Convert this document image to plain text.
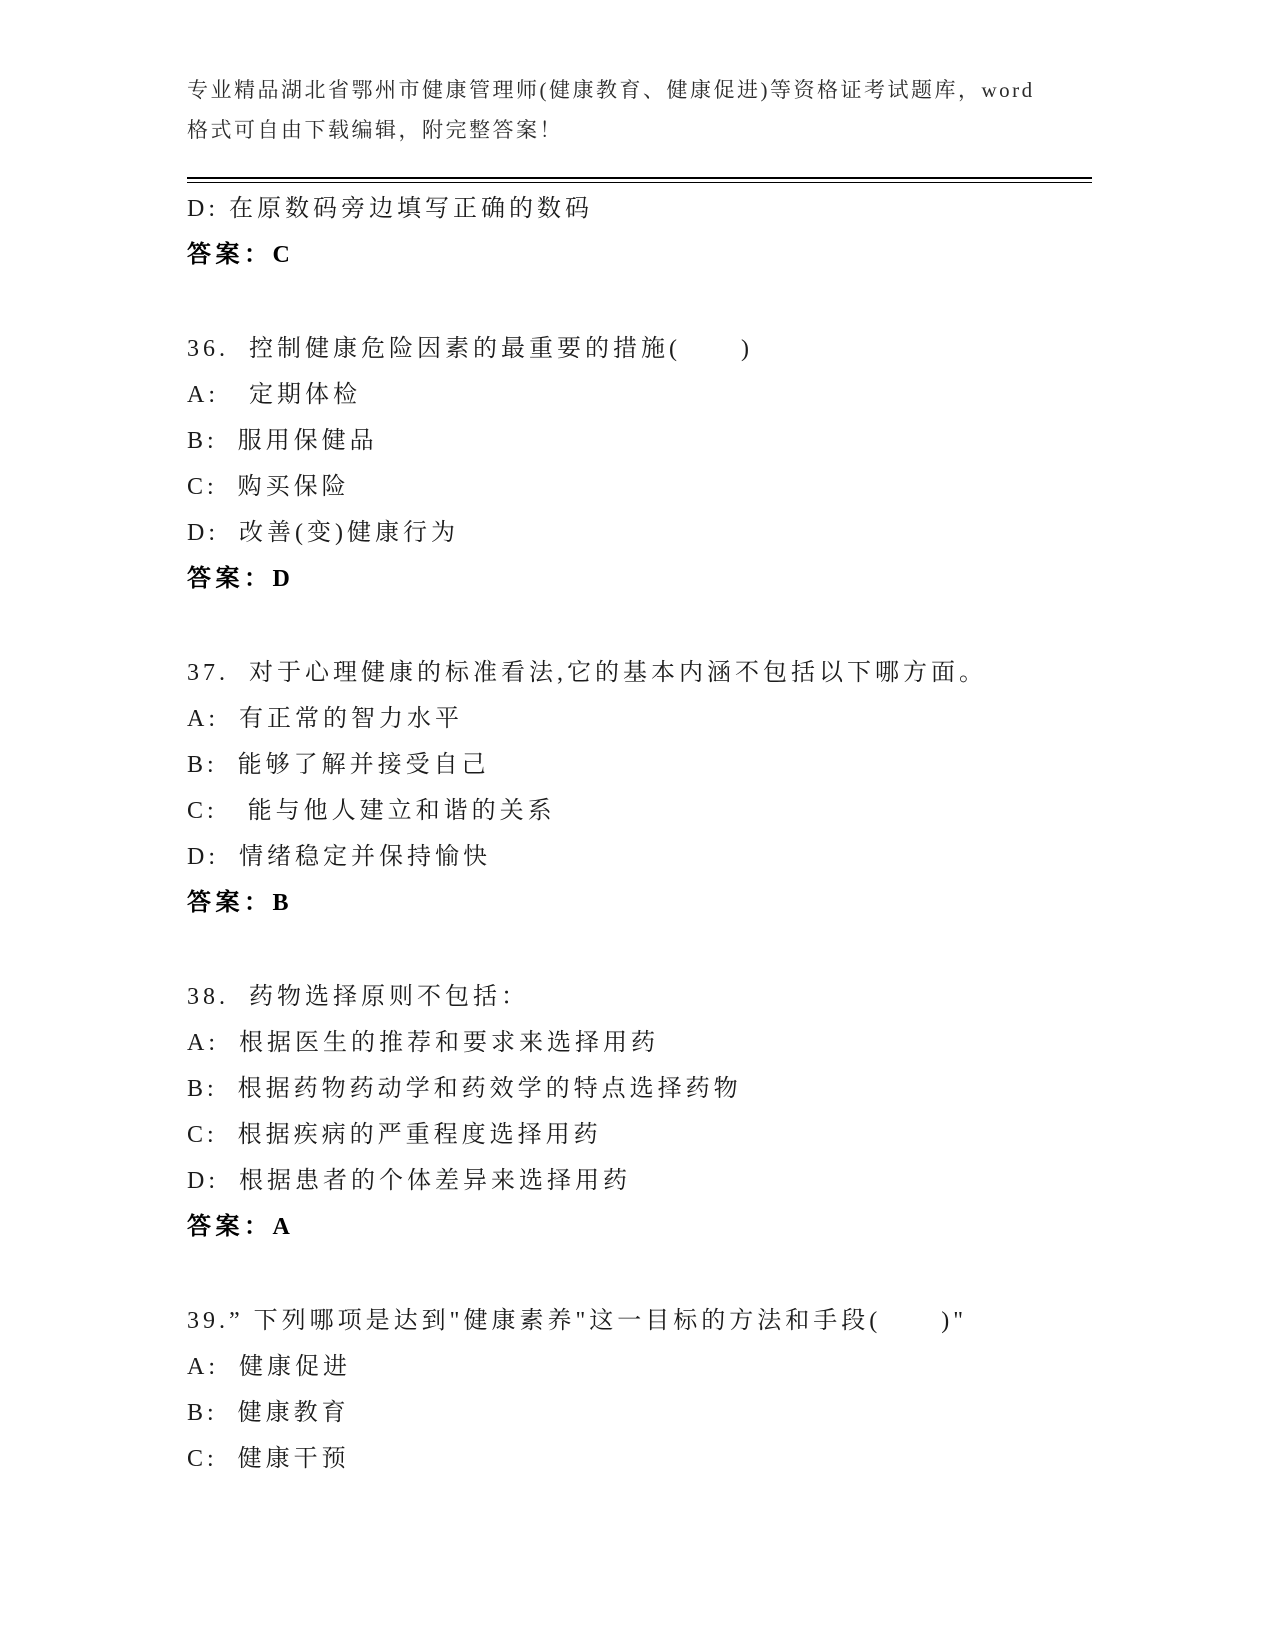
专业精品湖北省鄂州市健康管理师(健康教育、健康促进)等资格证考试题库，word

格式可自由下载编辑，附完整答案！

D: 在原数码旁边填写正确的数码

答案：C

36.  控制健康危险因素的最重要的措施(      )

A:   定期体检

B:  服用保健品

C:  购买保险

D:  改善(变)健康行为

答案：D

37.  对于心理健康的标准看法,它的基本内涵不包括以下哪方面。

A:  有正常的智力水平

B:  能够了解并接受自己

C:   能与他人建立和谐的关系

D:  情绪稳定并保持愉快

答案：B

38.  药物选择原则不包括：

A:  根据医生的推荐和要求来选择用药

B:  根据药物药动学和药效学的特点选择药物

C:  根据疾病的严重程度选择用药

D:  根据患者的个体差异来选择用药

答案：A

39.” 下列哪项是达到"健康素养"这一目标的方法和手段(      )"

A:  健康促进

B:  健康教育

C:  健康干预
